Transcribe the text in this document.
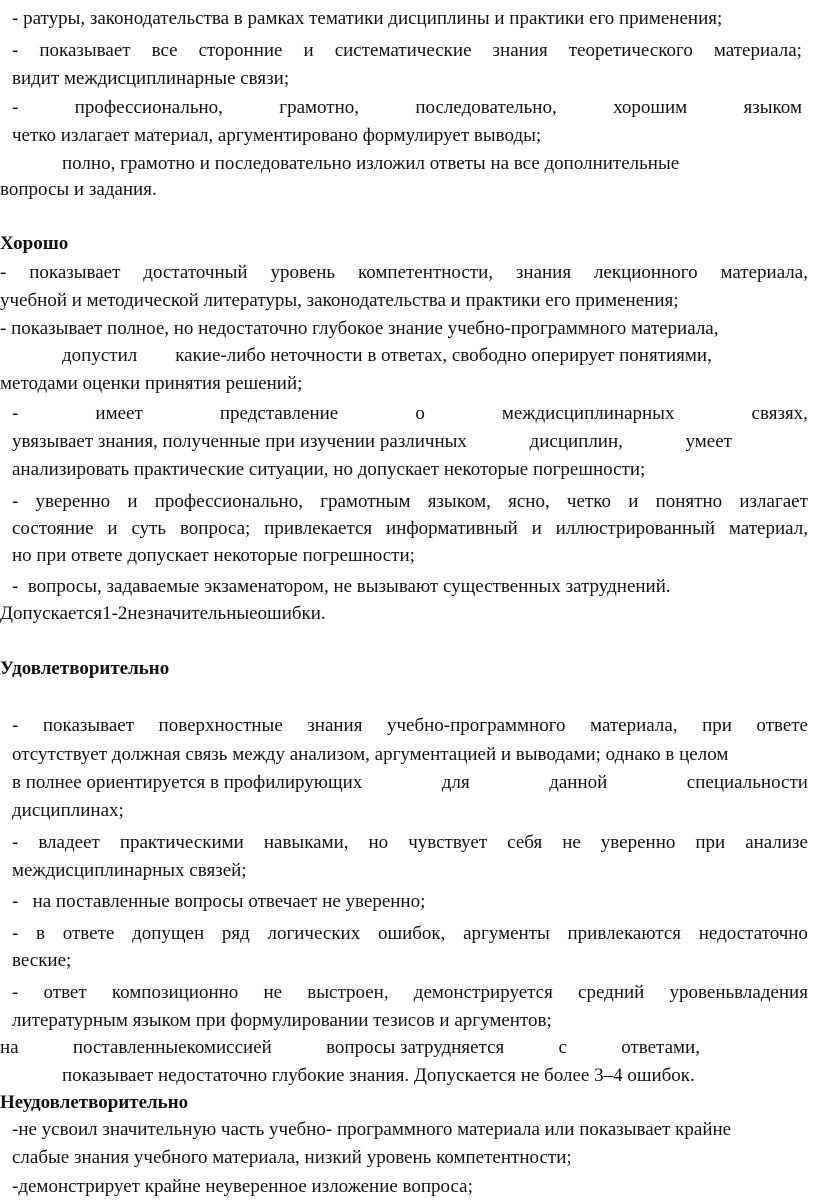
- ратуры, законодательства в рамках тематики дисциплины и практики его применения;
- показывает все сторонние и систематические знания теоретического материала;
видит междисциплинарные связи;
-	профессионально,	грамотно,	последовательно,	хорошим	языком
четко излагает материал, аргументировано формулирует выводы;
полно, грамотно и последовательно изложил ответы на все дополнительные
вопросы и задания.
Хорошо
- показывает достаточный уровень компетентности, знания лекционного материала,
учебной и методической литературы, законодательства и практики его применения;
- показывает полное, но недостаточно глубокое знание учебно-программного материала,
допустил        какие-либо неточности в ответах, свободно оперирует понятиями,
методами оценки принятия решений;
-	имеет	представление	о	междисциплинарных	связях,
увязывает знания, полученные при изучении различных	дисциплин,	умеет
анализировать практические ситуации, но допускает некоторые погрешности;
- уверенно и профессионально, грамотным языком, ясно, четко и понятно излагает
состояние и суть вопроса; привлекается информативный и иллюстрированный материал,
но при ответе допускает некоторые погрешности;
-  вопросы, задаваемые экзаменатором, не вызывают существенных затруднений.
Допускается1-2незначительныеошибки.
Удовлетворительно
- показывает поверхностные знания учебно-программного материала, при ответе
отсутствует должная связь между анализом, аргументацией и выводами; однако в целом
в полнее ориентируется в профилирующих	для	данной	специальности
дисциплинах;
- владеет практическими навыками, но чувствует себя не уверенно при анализе
междисциплинарных связей;
-   на поставленные вопросы отвечает не уверенно;
- в ответе допущен ряд логических ошибок, аргументы привлекаются недостаточно
веские;
- ответ композиционно не выстроен, демонстрируется средний уровеньвладения
литературным языком при формулировании тезисов и аргументов;
на	поставленныекомиссией	вопросы затрудняется	с	ответами,
показывает недостаточно глубокие знания. Допускается не более 3–4 ошибок.
Неудовлетворительно
-не усвоил значительную часть учебно- программного материала или показывает крайне
слабые знания учебного материала, низкий уровень компетентности;
-демонстрирует крайне неуверенное изложение вопроса;
